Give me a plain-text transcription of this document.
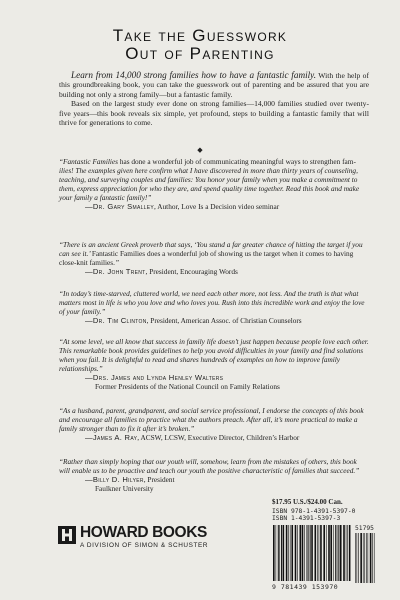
Take the Guesswork
Out of Parenting

Learn from 14,000 strong families how to have a fantastic family. With the help of this groundbreaking book, you can take the guesswork out of parenting and be assured that you are building not only a strong family—but a fantastic family.

Based on the largest study ever done on strong families—14,000 families studied over twenty-five years—this book reveals six simple, yet profound, steps to building a fantastic family that will thrive for generations to come.

◆

“Fantastic Families has done a wonderful job of communicating meaningful ways to strengthen fam-ilies! The examples given here confirm what I have discovered in more than thirty years of counseling, teaching, and surveying couples and families: You honor your family when you make a commitment to them, express appreciation for who they are, and spend quality time together. Read this book and make your family a fantastic family!”

—Dr. Gary Smalley, Author, Love Is a Decision video seminar

“There is an ancient Greek proverb that says, ‘You stand a far greater chance of hitting the target if you can see it.’ Fantastic Families does a wonderful job of showing us the target when it comes to having close-knit families.”

—Dr. John Trent, President, Encouraging Words

“In today’s time-starved, cluttered world, we need each other more, not less. And the truth is that what matters most in life is who you love and who loves you. Rush into this incredible work and enjoy the love of your family.”

—Dr. Tim Clinton, President, American Assoc. of Christian Counselors

“At some level, we all know that success in family life doesn’t just happen because people love each other. This remarkable book provides guidelines to help you avoid difficulties in your family and find solutions when you fail. It is delightful to read and shares hundreds of examples on how to improve family relationships.”

—Drs. James and Lynda Henley Walters

Former Presidents of the National Council on Family Relations

“As a husband, parent, grandparent, and social service professional, I endorse the concepts of this book and encourage all families to practice what the authors preach. After all, it’s more practical to make a family stronger than to fix it after it’s broken.”

—James A. Ray, ACSW, LCSW, Executive Director, Children’s Harbor

“Rather than simply hoping that our youth will, somehow, learn from the mistakes of others, this book will enable us to be proactive and teach our youth the positive characteristic of families that succeed.”

—Billy D. Hilyer, President

Faulkner University

HOWARD BOOKS
A DIVISION OF SIMON & SCHUSTER

$17.95 U.S./$24.00 Can.

ISBN 978-1-4391-5397-0

ISBN 1-4391-5397-3

51795
9 781439 153970
